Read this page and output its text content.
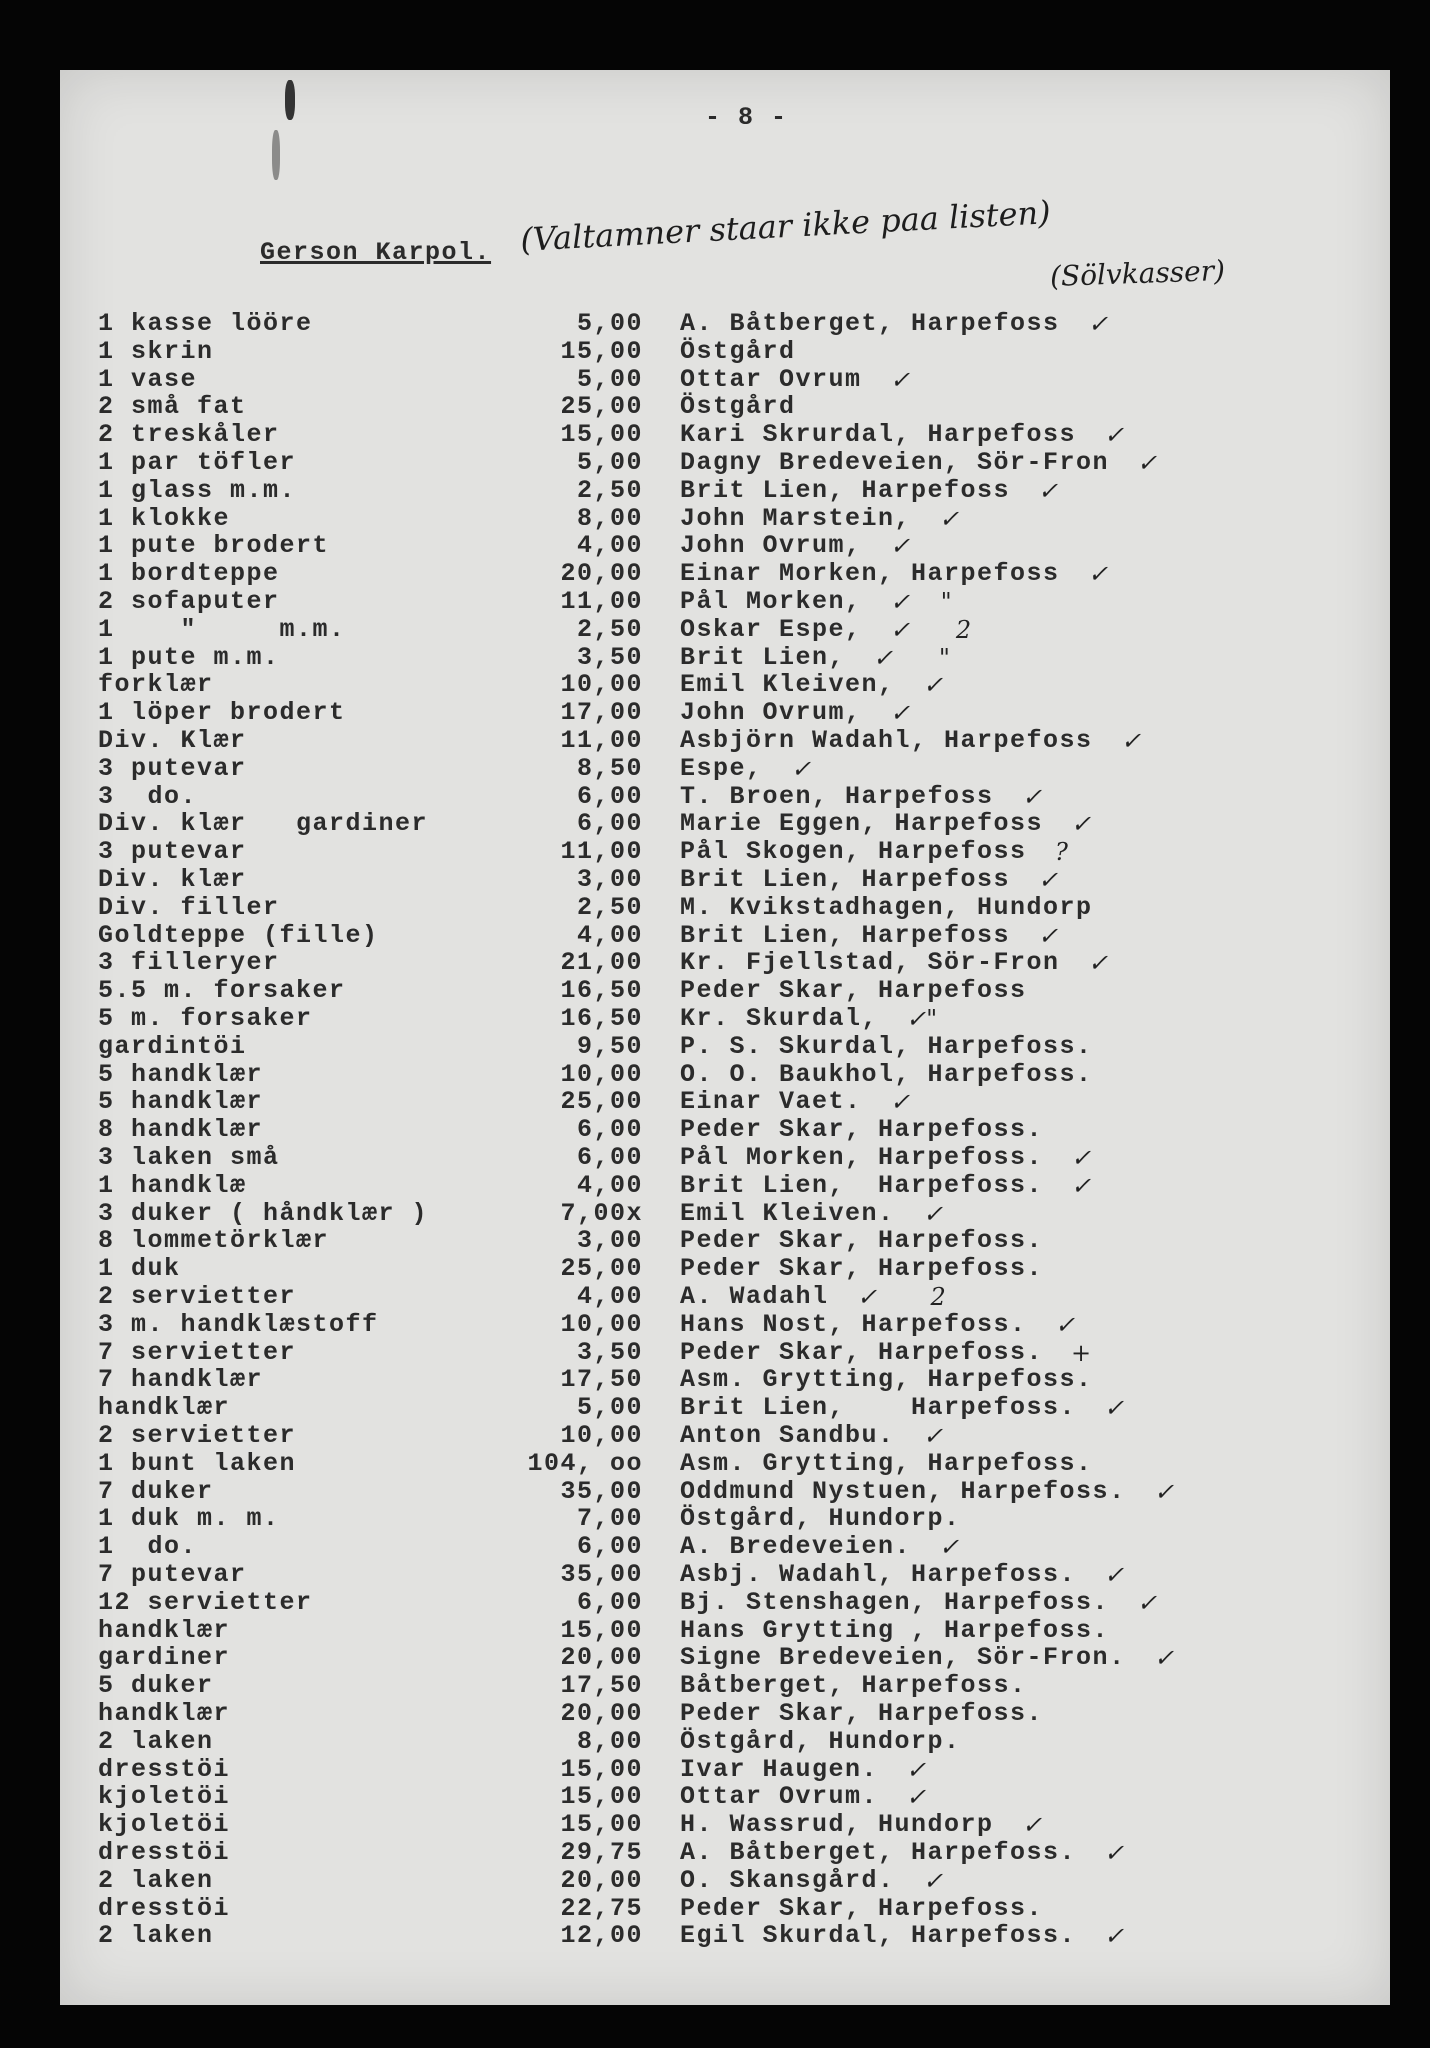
- 8 -
Gerson Karpol. (Valtamner staar ikke paa listen)
(Sölvkasser)
1 kasse lööre	5,00 A. Båtberget, Harpefoss ✓
1 skrin	15,00 Östgård
1 vase	5,00 Ottar Ovrum ✓
2 små fat	25,00 Östgård
2 treskåler	15,00 Kari Skrurdal, Harpefoss ✓
1 par töfler	5,00 Dagny Bredeveien, Sör-Fron ✓
1 glass m.m.	2,50 Brit Lien, Harpefoss ✓
1 klokke	8,00 John Marstein, ✓
1 pute brodert	4,00 John Ovrum, ✓
1 bordteppe	20,00 Einar Morken, Harpefoss ✓
2 sofaputer	11,00 Pål Morken, ✓    "
1    "     m.m.	2,50 Oskar Espe, ✓      2
1 pute m.m.	3,50 Brit Lien, ✓      "
forklær	10,00 Emil Kleiven, ✓
1 löper brodert	17,00 John Ovrum, ✓
Div. Klær	11,00 Asbjörn Wadahl, Harpefoss ✓
3 putevar	8,50 Espe, ✓
3  do.	6,00 T. Broen, Harpefoss ✓
Div. klær   gardiner	6,00 Marie Eggen, Harpefoss ✓
3 putevar	11,00 Pål Skogen, Harpefoss ?
Div. klær	3,00 Brit Lien, Harpefoss ✓
Div. filler	2,50 M. Kvikstadhagen, Hundorp
Goldteppe (fille)	4,00 Brit Lien, Harpefoss ✓
3 filleryer	21,00 Kr. Fjellstad, Sör-Fron ✓
5.5 m. forsaker	16,50 Peder Skar, Harpefoss
5 m. forsaker	16,50 Kr. Skurdal, ✓"
gardintöi	9,50 P. S. Skurdal, Harpefoss.
5 handklær	10,00 O. O. Baukhol, Harpefoss.
5 handklær	25,00 Einar Vaet. ✓
8 handklær	6,00 Peder Skar, Harpefoss.
3 laken små	6,00 Pål Morken, Harpefoss. ✓
1 handklæ	4,00 Brit Lien,  Harpefoss. ✓
3 duker ( håndklær )	7,00x Emil Kleiven. ✓
8 lommetörklær	3,00 Peder Skar, Harpefoss.
1 duk	25,00 Peder Skar, Harpefoss.
2 servietter	4,00 A. Wadahl ✓       2
3 m. handklæstoff	10,00 Hans Nost, Harpefoss. ✓
7 servietter	3,50 Peder Skar, Harpefoss. +
7 handklær	17,50 Asm. Grytting, Harpefoss.
handklær	5,00 Brit Lien,    Harpefoss. ✓
2 servietter	10,00 Anton Sandbu. ✓
1 bunt laken	104, oo Asm. Grytting, Harpefoss.
7 duker	35,00 Oddmund Nystuen, Harpefoss. ✓
1 duk m. m.	7,00 Östgård, Hundorp.
1  do.	6,00 A. Bredeveien. ✓
7 putevar	35,00 Asbj. Wadahl, Harpefoss. ✓
12 servietter	6,00 Bj. Stenshagen, Harpefoss. ✓
handklær	15,00 Hans Grytting , Harpefoss.
gardiner	20,00 Signe Bredeveien, Sör-Fron. ✓
5 duker	17,50 Båtberget, Harpefoss.
handklær	20,00 Peder Skar, Harpefoss.
2 laken	8,00 Östgård, Hundorp.
dresstöi	15,00 Ivar Haugen. ✓
kjoletöi	15,00 Ottar Ovrum. ✓
kjoletöi	15,00 H. Wassrud, Hundorp ✓
dresstöi	29,75 A. Båtberget, Harpefoss. ✓
2 laken	20,00 O. Skansgård. ✓
dresstöi	22,75 Peder Skar, Harpefoss.
2 laken	12,00 Egil Skurdal, Harpefoss. ✓
